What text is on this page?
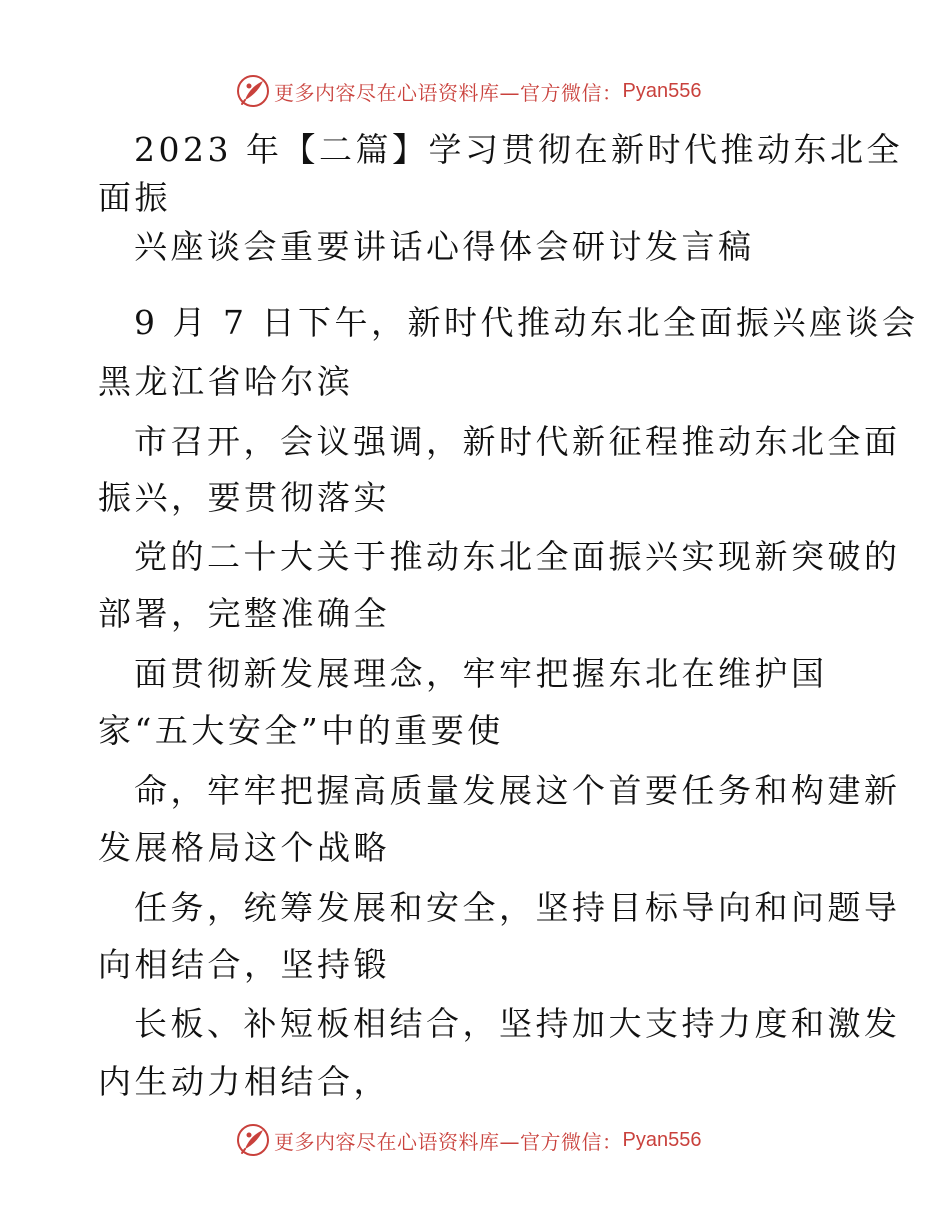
更多内容尽在心语资料库—官方微信： Pyan556
2023 年【二篇】学习贯彻在新时代推动东北全
面振
兴座谈会重要讲话心得体会研讨发言稿
9 月 7 日下午，新时代推动东北全面振兴座谈会
黑龙江省哈尔滨
市召开，会议强调，新时代新征程推动东北全面
振兴，要贯彻落实
党的二十大关于推动东北全面振兴实现新突破的
部署，完整准确全
面贯彻新发展理念，牢牢把握东北在维护国
家“五大安全”中的重要使
命，牢牢把握高质量发展这个首要任务和构建新
发展格局这个战略
任务，统筹发展和安全，坚持目标导向和问题导
向相结合，坚持锻
长板、补短板相结合，坚持加大支持力度和激发
内生动力相结合，
更多内容尽在心语资料库—官方微信： Pyan556
